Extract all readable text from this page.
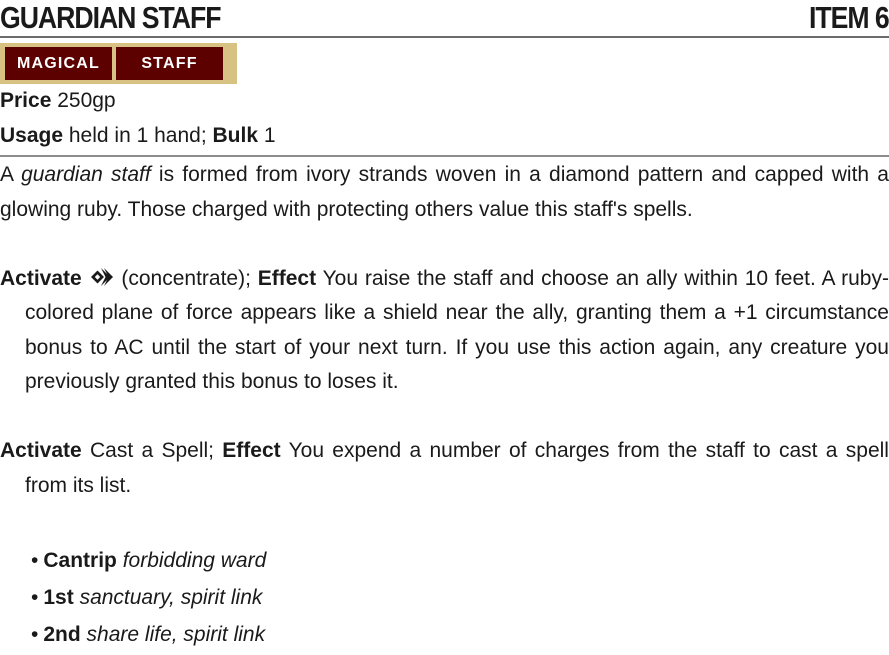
GUARDIAN STAFF	ITEM 6
MAGICAL	STAFF
Price 250gp
Usage held in 1 hand; Bulk 1

A guardian staff is formed from ivory strands woven in a diamond pattern and capped with a glowing ruby. Those charged with protecting others value this staff's spells.

Activate (concentrate); Effect You raise the staff and choose an ally within 10 feet. A ruby-colored plane of force appears like a shield near the ally, granting them a +1 circumstance bonus to AC until the start of your next turn. If you use this action again, any creature you previously granted this bonus to loses it.

Activate Cast a Spell; Effect You expend a number of charges from the staff to cast a spell from its list.

• Cantrip forbidding ward
• 1st sanctuary, spirit link
• 2nd share life, spirit link
